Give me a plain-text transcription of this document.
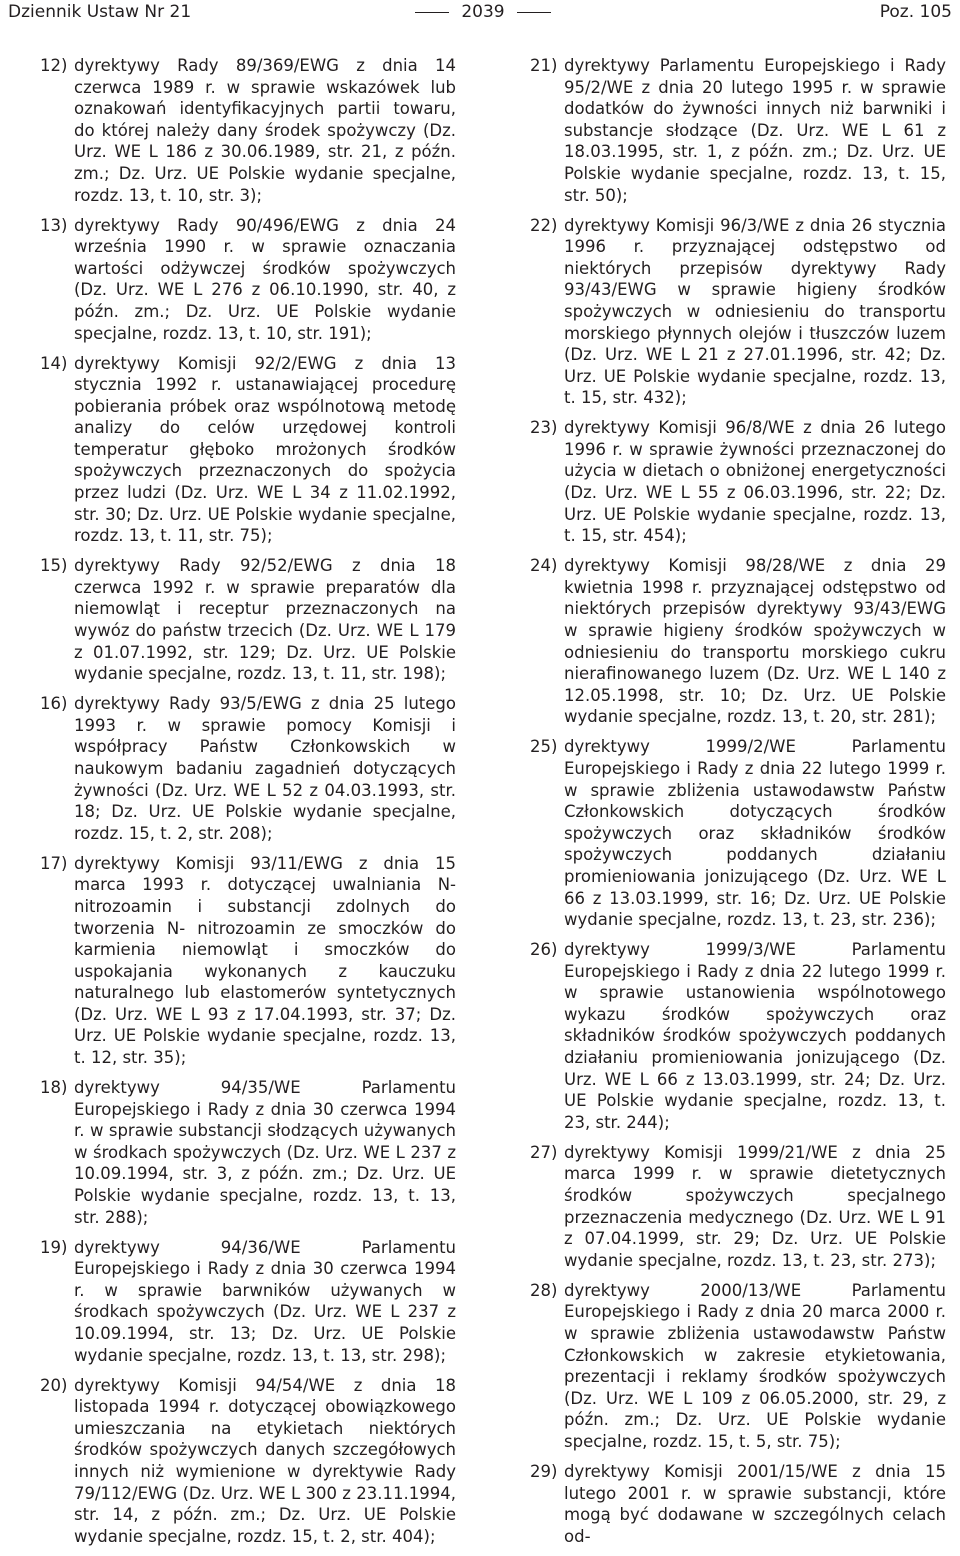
Dziennik Ustaw Nr 21	2039	Poz. 105
12) dyrektywy Rady 89/369/EWG z dnia 14 czerwca 1989 r. w sprawie wskazówek lub oznakowań identyfikacyjnych partii towaru, do której należy dany środek spożywczy (Dz. Urz. WE L 186 z 30.06.1989, str. 21, z późn. zm.; Dz. Urz. UE Polskie wydanie specjalne, rozdz. 13, t. 10, str. 3);
13) dyrektywy Rady 90/496/EWG z dnia 24 września 1990 r. w sprawie oznaczania wartości odżywczej środków spożywczych (Dz. Urz. WE L 276 z 06.10.1990, str. 40, z późn. zm.; Dz. Urz. UE Polskie wydanie specjalne, rozdz. 13, t. 10, str. 191);
14) dyrektywy Komisji 92/2/EWG z dnia 13 stycznia 1992 r. ustanawiającej procedurę pobierania próbek oraz wspólnotową metodę analizy do celów urzędowej kontroli temperatur głęboko mrożonych środków spożywczych przeznaczonych do spożycia przez ludzi (Dz. Urz. WE L 34 z 11.02.1992, str. 30; Dz. Urz. UE Polskie wydanie specjalne, rozdz. 13, t. 11, str. 75);
15) dyrektywy Rady 92/52/EWG z dnia 18 czerwca 1992 r. w sprawie preparatów dla niemowląt i receptur przeznaczonych na wywóz do państw trzecich (Dz. Urz. WE L 179 z 01.07.1992, str. 129; Dz. Urz. UE Polskie wydanie specjalne, rozdz. 13, t. 11, str. 198);
16) dyrektywy Rady 93/5/EWG z dnia 25 lutego 1993 r. w sprawie pomocy Komisji i współpracy Państw Członkowskich w naukowym badaniu zagadnień dotyczących żywności (Dz. Urz. WE L 52 z 04.03.1993, str. 18; Dz. Urz. UE Polskie wydanie specjalne, rozdz. 15, t. 2, str. 208);
17) dyrektywy Komisji 93/11/EWG z dnia 15 marca 1993 r. dotyczącej uwalniania N- nitrozoamin i substancji zdolnych do tworzenia N- nitrozoamin ze smoczków do karmienia niemowląt i smoczków do uspokajania wykonanych z kauczuku naturalnego lub elastomerów syntetycznych (Dz. Urz. WE L 93 z 17.04.1993, str. 37; Dz. Urz. UE Polskie wydanie specjalne, rozdz. 13, t. 12, str. 35);
18) dyrektywy 94/35/WE Parlamentu Europejskiego i Rady z dnia 30 czerwca 1994 r. w sprawie substancji słodzących używanych w środkach spożywczych (Dz. Urz. WE L 237 z 10.09.1994, str. 3, z późn. zm.; Dz. Urz. UE Polskie wydanie specjalne, rozdz. 13, t. 13, str. 288);
19) dyrektywy 94/36/WE Parlamentu Europejskiego i Rady z dnia 30 czerwca 1994 r. w sprawie barwników używanych w środkach spożywczych (Dz. Urz. WE L 237 z 10.09.1994, str. 13; Dz. Urz. UE Polskie wydanie specjalne, rozdz. 13, t. 13, str. 298);
20) dyrektywy Komisji 94/54/WE z dnia 18 listopada 1994 r. dotyczącej obowiązkowego umieszczania na etykietach niektórych środków spożywczych danych szczegółowych innych niż wymienione w dyrektywie Rady 79/112/EWG (Dz. Urz. WE L 300 z 23.11.1994, str. 14, z późn. zm.; Dz. Urz. UE Polskie wydanie specjalne, rozdz. 15, t. 2, str. 404);
21) dyrektywy Parlamentu Europejskiego i Rady 95/2/WE z dnia 20 lutego 1995 r. w sprawie dodatków do żywności innych niż barwniki i substancje słodzące (Dz. Urz. WE L 61 z 18.03.1995, str. 1, z późn. zm.; Dz. Urz. UE Polskie wydanie specjalne, rozdz. 13, t. 15, str. 50);
22) dyrektywy Komisji 96/3/WE z dnia 26 stycznia 1996 r. przyznającej odstępstwo od niektórych przepisów dyrektywy Rady 93/43/EWG w sprawie higieny środków spożywczych w odniesieniu do transportu morskiego płynnych olejów i tłuszczów luzem (Dz. Urz. WE L 21 z 27.01.1996, str. 42; Dz. Urz. UE Polskie wydanie specjalne, rozdz. 13, t. 15, str. 432);
23) dyrektywy Komisji 96/8/WE z dnia 26 lutego 1996 r. w sprawie żywności przeznaczonej do użycia w dietach o obniżonej energetyczności (Dz. Urz. WE L 55 z 06.03.1996, str. 22; Dz. Urz. UE Polskie wydanie specjalne, rozdz. 13, t. 15, str. 454);
24) dyrektywy Komisji 98/28/WE z dnia 29 kwietnia 1998 r. przyznającej odstępstwo od niektórych przepisów dyrektywy 93/43/EWG w sprawie higieny środków spożywczych w odniesieniu do transportu morskiego cukru nierafinowanego luzem (Dz. Urz. WE L 140 z 12.05.1998, str. 10; Dz. Urz. UE Polskie wydanie specjalne, rozdz. 13, t. 20, str. 281);
25) dyrektywy 1999/2/WE Parlamentu Europejskiego i Rady z dnia 22 lutego 1999 r. w sprawie zbliżenia ustawodawstw Państw Członkowskich dotyczących środków spożywczych oraz składników środków spożywczych poddanych działaniu promieniowania jonizującego (Dz. Urz. WE L 66 z 13.03.1999, str. 16; Dz. Urz. UE Polskie wydanie specjalne, rozdz. 13, t. 23, str. 236);
26) dyrektywy 1999/3/WE Parlamentu Europejskiego i Rady z dnia 22 lutego 1999 r. w sprawie ustanowienia wspólnotowego wykazu środków spożywczych oraz składników środków spożywczych poddanych działaniu promieniowania jonizującego (Dz. Urz. WE L 66 z 13.03.1999, str. 24; Dz. Urz. UE Polskie wydanie specjalne, rozdz. 13, t. 23, str. 244);
27) dyrektywy Komisji 1999/21/WE z dnia 25 marca 1999 r. w sprawie dietetycznych środków spożywczych specjalnego przeznaczenia medycznego (Dz. Urz. WE L 91 z 07.04.1999, str. 29; Dz. Urz. UE Polskie wydanie specjalne, rozdz. 13, t. 23, str. 273);
28) dyrektywy 2000/13/WE Parlamentu Europejskiego i Rady z dnia 20 marca 2000 r. w sprawie zbliżenia ustawodawstw Państw Członkowskich w zakresie etykietowania, prezentacji i reklamy środków spożywczych (Dz. Urz. WE L 109 z 06.05.2000, str. 29, z późn. zm.; Dz. Urz. UE Polskie wydanie specjalne, rozdz. 15, t. 5, str. 75);
29) dyrektywy Komisji 2001/15/WE z dnia 15 lutego 2001 r. w sprawie substancji, które mogą być dodawane w szczególnych celach od-
